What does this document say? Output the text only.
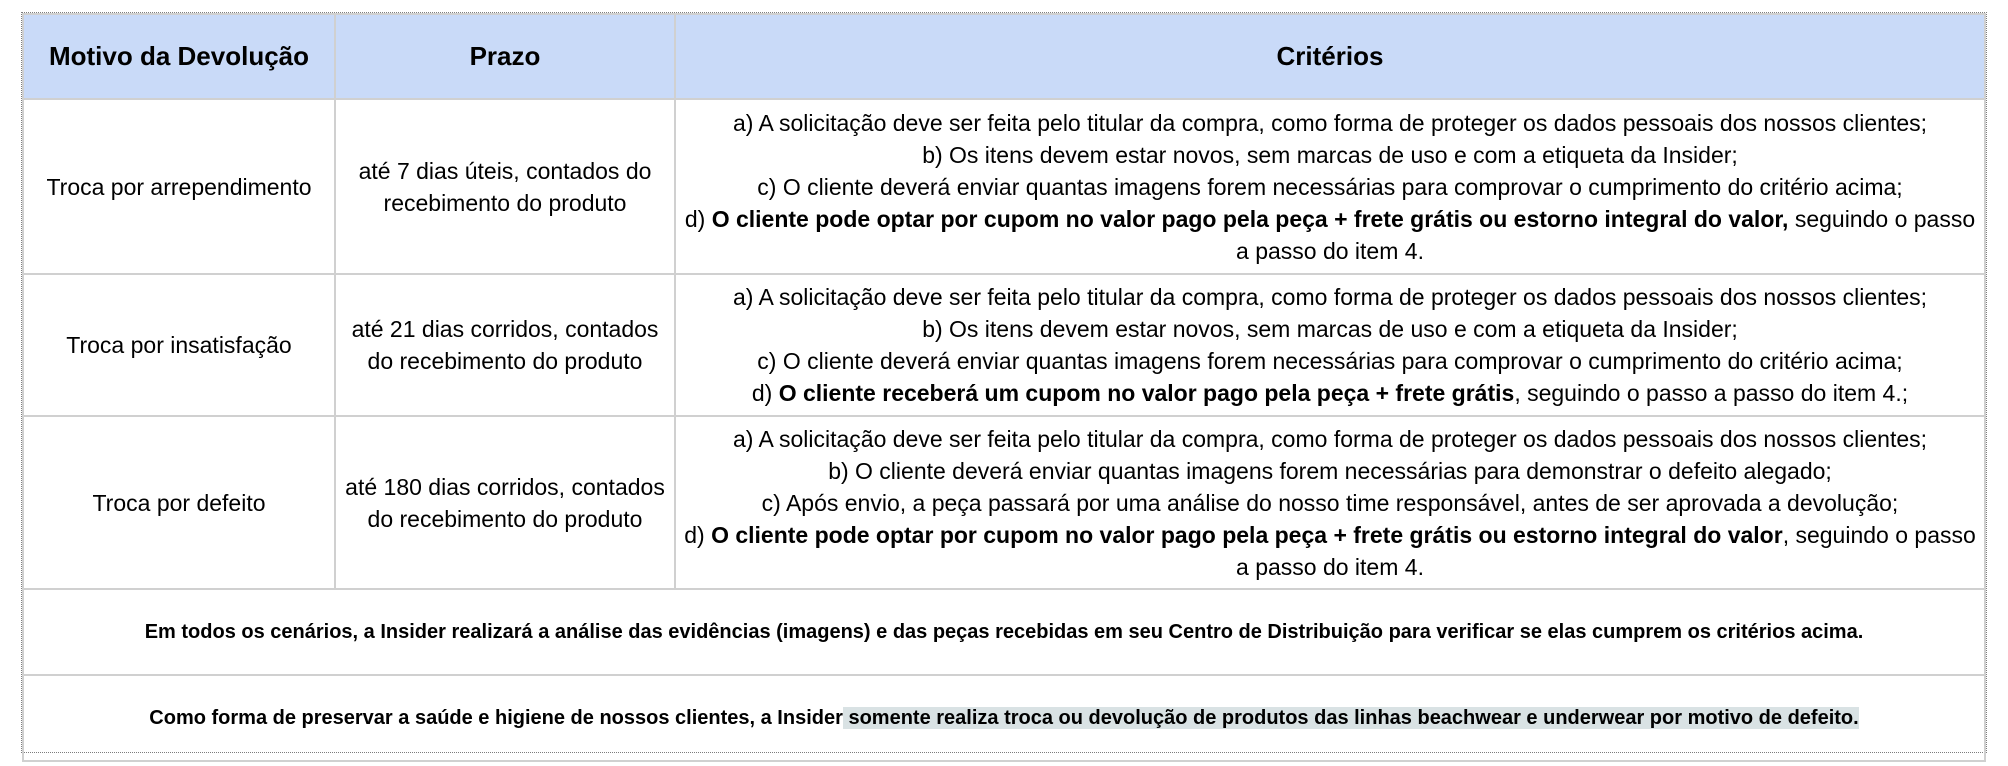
Motivo da Devolução	Prazo	Critérios
Troca por arrependimento	até 7 dias úteis, contados do recebimento do produto	a) A solicitação deve ser feita pelo titular da compra, como forma de proteger os dados pessoais dos nossos clientes;
b) Os itens devem estar novos, sem marcas de uso e com a etiqueta da Insider;
c) O cliente deverá enviar quantas imagens forem necessárias para comprovar o cumprimento do critério acima;
d) O cliente pode optar por cupom no valor pago pela peça + frete grátis ou estorno integral do valor, seguindo o passo a passo do item 4.

Troca por insatisfação	até 21 dias corridos, contados do recebimento do produto	a) A solicitação deve ser feita pelo titular da compra, como forma de proteger os dados pessoais dos nossos clientes;
b) Os itens devem estar novos, sem marcas de uso e com a etiqueta da Insider;
c) O cliente deverá enviar quantas imagens forem necessárias para comprovar o cumprimento do critério acima;
d) O cliente receberá um cupom no valor pago pela peça + frete grátis, seguindo o passo a passo do item 4.;

Troca por defeito	até 180 dias corridos, contados do recebimento do produto	a) A solicitação deve ser feita pelo titular da compra, como forma de proteger os dados pessoais dos nossos clientes;
b) O cliente deverá enviar quantas imagens forem necessárias para demonstrar o defeito alegado;
c) Após envio, a peça passará por uma análise do nosso time responsável, antes de ser aprovada a devolução;
d) O cliente pode optar por cupom no valor pago pela peça + frete grátis ou estorno integral do valor, seguindo o passo a passo do item 4.

Em todos os cenários, a Insider realizará a análise das evidências (imagens) e das peças recebidas em seu Centro de Distribuição para verificar se elas cumprem os critérios acima.		
Como forma de preservar a saúde e higiene de nossos clientes, a Insider somente realiza troca ou devolução de produtos das linhas beachwear e underwear por motivo de defeito.		
